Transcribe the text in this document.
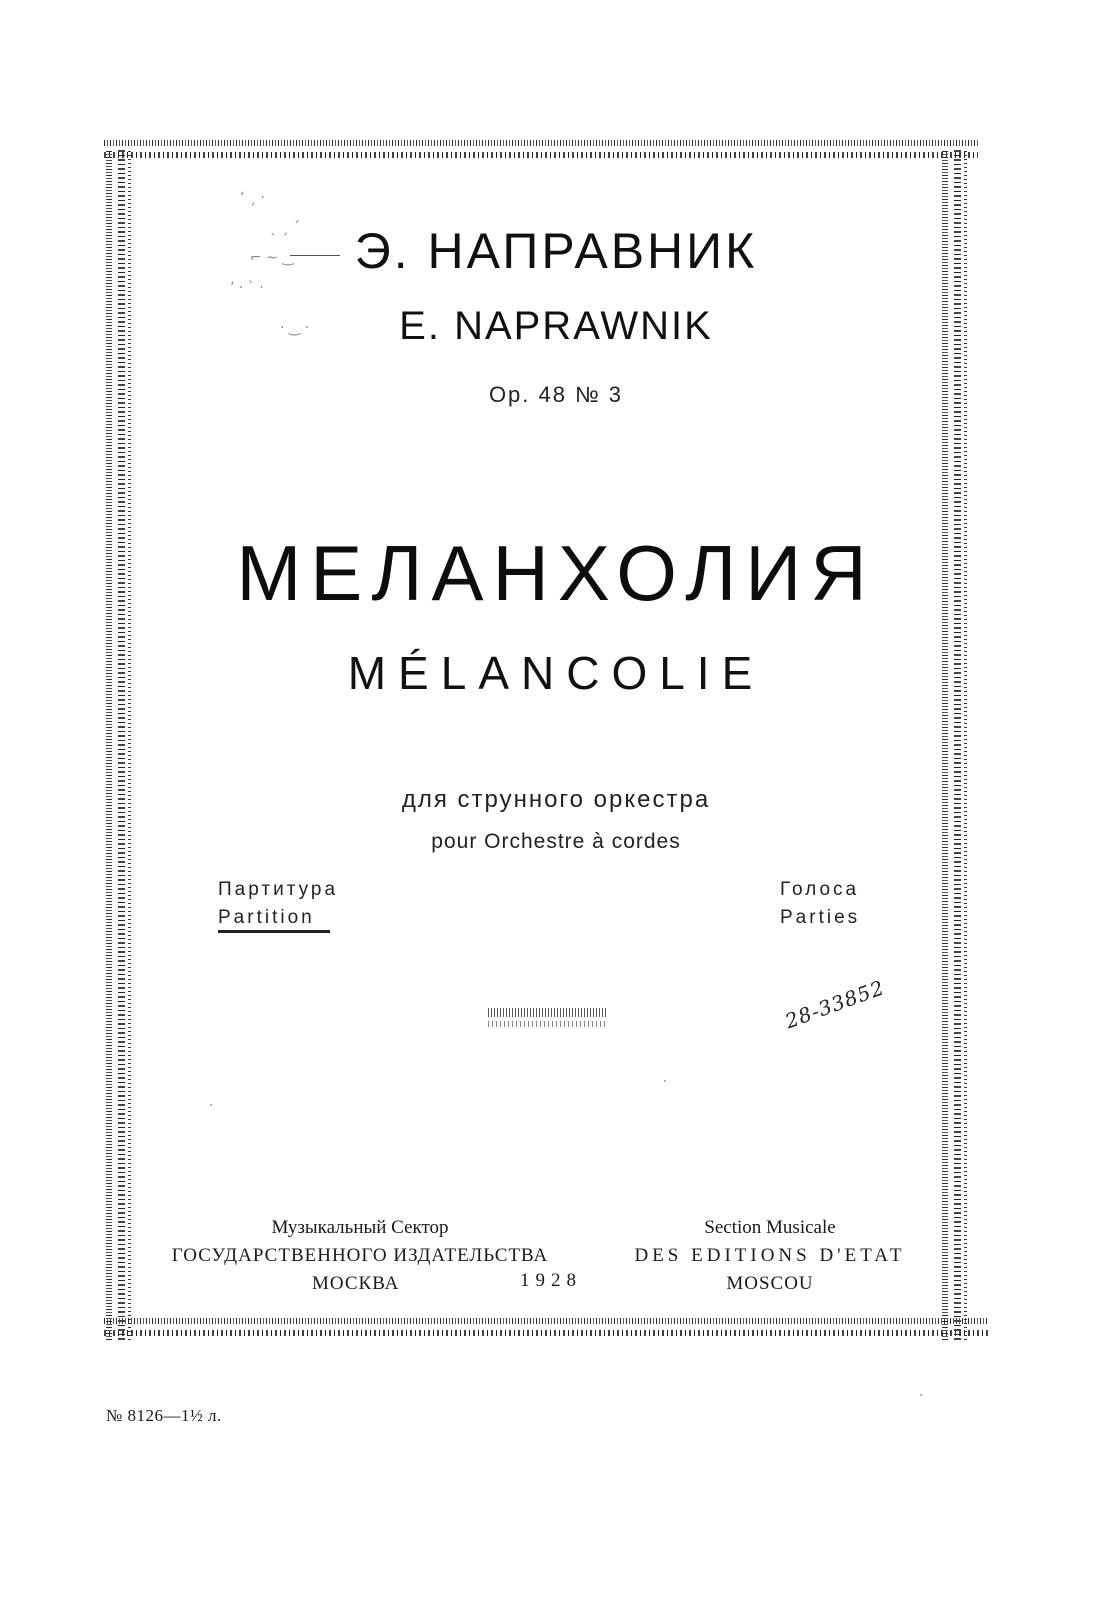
ʻ ˏ ·
ˎ ˏ ´
⌐ ~ ‿
ʼ · ˋ ·
· ‿ ·
Э. НАПРАВНИК
E. NAPRAWNIK
Op. 48 № 3
МЕЛАНХОЛИЯ
MÉLANCOLIE
для струнного оркестра
pour Orchestre à cordes
Партитура
Partition
Голоса
Parties
28-33852
Музыкальный Сектор
ГОСУДАРСТВЕННОГО ИЗДАТЕЛЬСТВА
МОСКВА	1928
Section Musicale
DES EDITIONS D'ETAT
MOSCOU
№ 8126—1½ л.
